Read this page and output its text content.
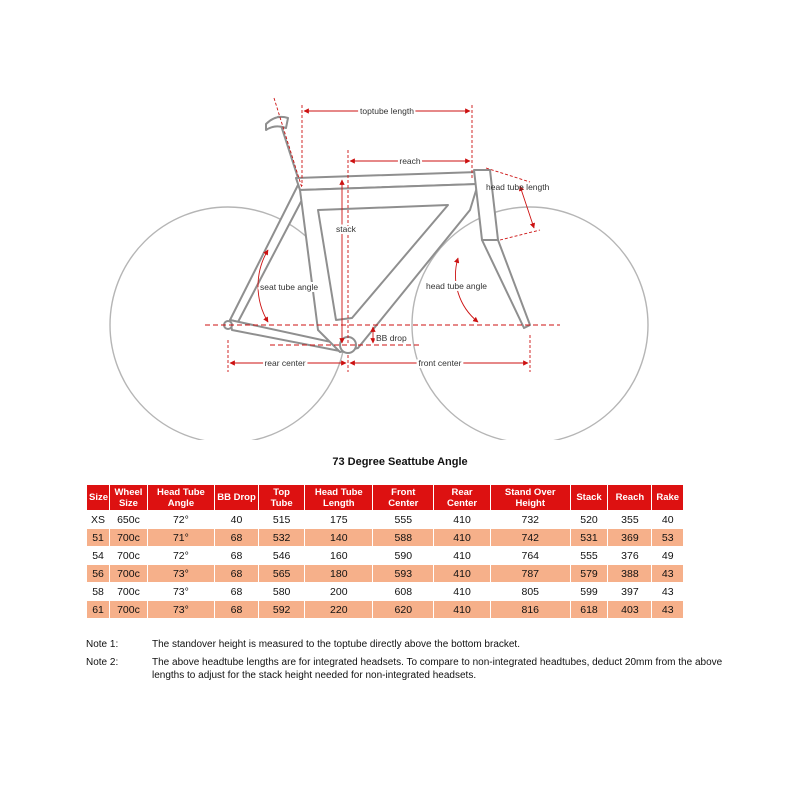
toptube length
reach
head tube length
stack
seat tube angle	head tube angle
BB drop
rear center	front center
73 Degree Seattube Angle
Size	Wheel Size	Head Tube Angle	BB Drop	Top Tube	Head Tube Length	Front Center	Rear Center	Stand Over Height	Stack	Reach	Rake
XS	650c	72°	40	515	175	555	410	732	520	355	40
51	700c	71°	68	532	140	588	410	742	531	369	53
54	700c	72°	68	546	160	590	410	764	555	376	49
56	700c	73°	68	565	180	593	410	787	579	388	43
58	700c	73°	68	580	200	608	410	805	599	397	43
61	700c	73°	68	592	220	620	410	816	618	403	43
Note 1:	The standover height is measured to the toptube directly above the bottom bracket.
Note 2:	The above headtube lengths are for integrated headsets. To compare to non-integrated headtubes, deduct 20mm from the above lengths to adjust for the stack height needed for non-integrated headsets.
